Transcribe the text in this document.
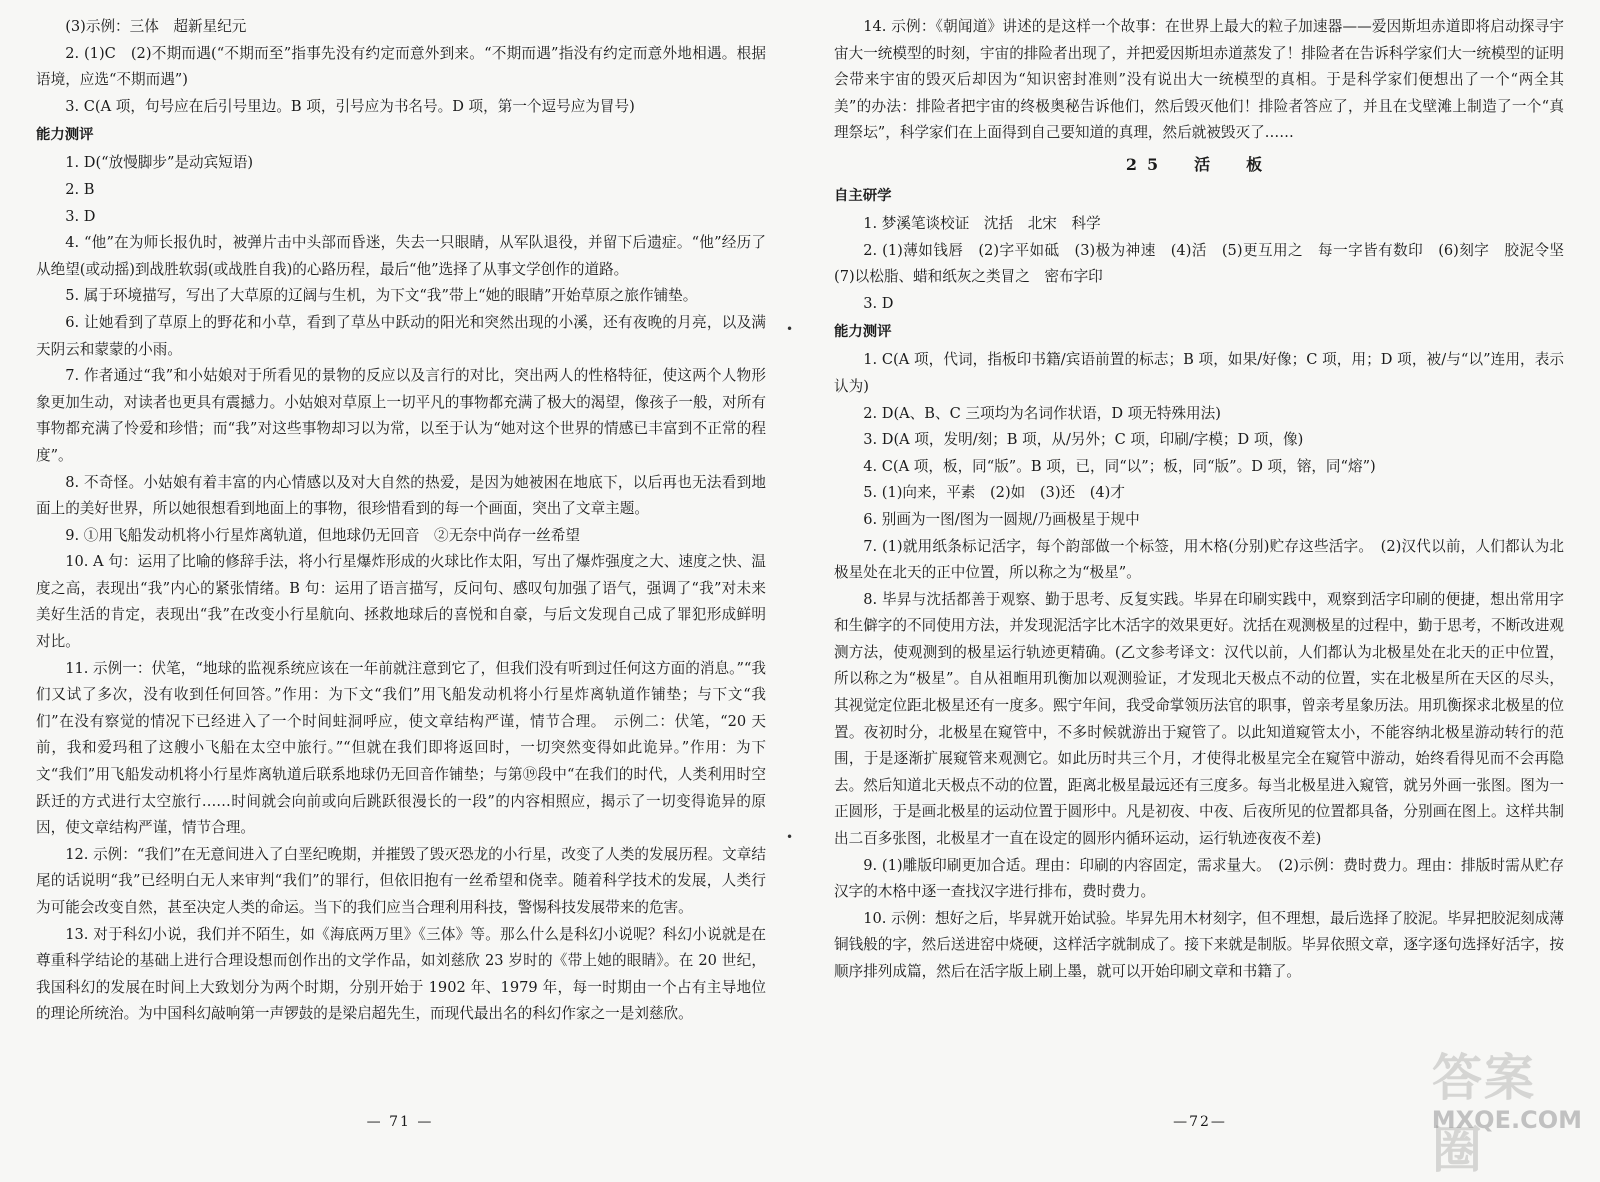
(3)示例：三体　超新星纪元

2. (1)C　(2)不期而遇(“不期而至”指事先没有约定而意外到来。“不期而遇”指没有约定而意外地相遇。根据语境，应选“不期而遇”)

3. C(A 项，句号应在后引号里边。B 项，引号应为书名号。D 项，第一个逗号应为冒号)

能力测评

1. D(“放慢脚步”是动宾短语)

2. B

3. D

4. “他”在为师长报仇时，被弹片击中头部而昏迷，失去一只眼睛，从军队退役，并留下后遗症。“他”经历了从绝望(或动摇)到战胜软弱(或战胜自我)的心路历程，最后“他”选择了从事文学创作的道路。

5. 属于环境描写，写出了大草原的辽阔与生机，为下文“我”带上“她的眼睛”开始草原之旅作铺垫。

6. 让她看到了草原上的野花和小草，看到了草丛中跃动的阳光和突然出现的小溪，还有夜晚的月亮，以及满天阴云和蒙蒙的小雨。

7. 作者通过“我”和小姑娘对于所看见的景物的反应以及言行的对比，突出两人的性格特征，使这两个人物形象更加生动，对读者也更具有震撼力。小姑娘对草原上一切平凡的事物都充满了极大的渴望，像孩子一般，对所有事物都充满了怜爱和珍惜；而“我”对这些事物却习以为常，以至于认为“她对这个世界的情感已丰富到不正常的程度”。

8. 不奇怪。小姑娘有着丰富的内心情感以及对大自然的热爱，是因为她被困在地底下，以后再也无法看到地面上的美好世界，所以她很想看到地面上的事物，很珍惜看到的每一个画面，突出了文章主题。

9. ①用飞船发动机将小行星炸离轨道，但地球仍无回音　②无奈中尚存一丝希望

10. A 句：运用了比喻的修辞手法，将小行星爆炸形成的火球比作太阳，写出了爆炸强度之大、速度之快、温度之高，表现出“我”内心的紧张情绪。B 句：运用了语言描写，反问句、感叹句加强了语气，强调了“我”对未来美好生活的肯定，表现出“我”在改变小行星航向、拯救地球后的喜悦和自豪，与后文发现自己成了罪犯形成鲜明对比。

11. 示例一：伏笔，“地球的监视系统应该在一年前就注意到它了，但我们没有听到过任何这方面的消息。”“我们又试了多次，没有收到任何回答。”作用：为下文“我们”用飞船发动机将小行星炸离轨道作铺垫；与下文“我们”在没有察觉的情况下已经进入了一个时间蛀洞呼应，使文章结构严谨，情节合理。　示例二：伏笔，“20 天前，我和爱玛租了这艘小飞船在太空中旅行。”“但就在我们即将返回时，一切突然变得如此诡异。”作用：为下文“我们”用飞船发动机将小行星炸离轨道后联系地球仍无回音作铺垫；与第⑲段中“在我们的时代，人类利用时空跃迁的方式进行太空旅行……时间就会向前或向后跳跃很漫长的一段”的内容相照应，揭示了一切变得诡异的原因，使文章结构严谨，情节合理。

12. 示例：“我们”在无意间进入了白垩纪晚期，并摧毁了毁灭恐龙的小行星，改变了人类的发展历程。文章结尾的话说明“我”已经明白无人来审判“我们”的罪行，但依旧抱有一丝希望和侥幸。随着科学技术的发展，人类行为可能会改变自然，甚至决定人类的命运。当下的我们应当合理利用科技，警惕科技发展带来的危害。

13. 对于科幻小说，我们并不陌生，如《海底两万里》《三体》等。那么什么是科幻小说呢？科幻小说就是在尊重科学结论的基础上进行合理设想而创作出的文学作品，如刘慈欣 23 岁时的《带上她的眼睛》。在 20 世纪，我国科幻的发展在时间上大致划分为两个时期，分别开始于 1902 年、1979 年，每一时期由一个占有主导地位的理论所统治。为中国科幻敲响第一声锣鼓的是梁启超先生，而现代最出名的科幻作家之一是刘慈欣。

— 71 —

14. 示例：《朝闻道》讲述的是这样一个故事：在世界上最大的粒子加速器——爱因斯坦赤道即将启动探寻宇宙大一统模型的时刻，宇宙的排险者出现了，并把爱因斯坦赤道蒸发了！排险者在告诉科学家们大一统模型的证明会带来宇宙的毁灭后却因为“知识密封准则”没有说出大一统模型的真相。于是科学家们便想出了一个“两全其美”的办法：排险者把宇宙的终极奥秘告诉他们，然后毁灭他们！排险者答应了，并且在戈壁滩上制造了一个“真理祭坛”，科学家们在上面得到自己要知道的真理，然后就被毁灭了……

25　活　板
自主研学

1. 梦溪笔谈校证　沈括　北宋　科学

2. (1)薄如钱唇　(2)字平如砥　(3)极为神速　(4)活　(5)更互用之　每一字皆有数印　(6)刻字　胶泥令坚　(7)以松脂、蜡和纸灰之类冒之　密布字印

3. D

能力测评

1. C(A 项，代词，指板印书籍/宾语前置的标志；B 项，如果/好像；C 项，用；D 项，被/与“以”连用，表示认为)

2. D(A、B、C 三项均为名词作状语，D 项无特殊用法)

3. D(A 项，发明/刻；B 项，从/另外；C 项，印刷/字模；D 项，像)

4. C(A 项，板，同“版”。B 项，已，同“以”；板，同“版”。D 项，镕，同“熔”)

5. (1)向来，平素　(2)如　(3)还　(4)才

6. 别画为一图/图为一圆规/乃画极星于规中

7. (1)就用纸条标记活字，每个韵部做一个标签，用木格(分别)贮存这些活字。　(2)汉代以前，人们都认为北极星处在北天的正中位置，所以称之为“极星”。

8. 毕昇与沈括都善于观察、勤于思考、反复实践。毕昇在印刷实践中，观察到活字印刷的便捷，想出常用字和生僻字的不同使用方法，并发现泥活字比木活字的效果更好。沈括在观测极星的过程中，勤于思考，不断改进观测方法，使观测到的极星运行轨迹更精确。(乙文参考译文：汉代以前，人们都认为北极星处在北天的正中位置，所以称之为“极星”。自从祖暅用玑衡加以观测验证，才发现北天极点不动的位置，实在北极星所在天区的尽头，其视觉定位距北极星还有一度多。熙宁年间，我受命掌领历法官的职事，曾亲考星象历法。用玑衡探求北极星的位置。夜初时分，北极星在窥管中，不多时候就游出于窥管了。以此知道窥管太小，不能容纳北极星游动转行的范围，于是逐渐扩展窥管来观测它。如此历时共三个月，才使得北极星完全在窥管中游动，始终看得见而不会再隐去。然后知道北天极点不动的位置，距离北极星最远还有三度多。每当北极星进入窥管，就另外画一张图。图为一正圆形，于是画北极星的运动位置于圆形中。凡是初夜、中夜、后夜所见的位置都具备，分别画在图上。这样共制出二百多张图，北极星才一直在设定的圆形内循环运动，运行轨迹夜夜不差)

9. (1)雕版印刷更加合适。理由：印刷的内容固定，需求量大。　(2)示例：费时费力。理由：排版时需从贮存汉字的木格中逐一查找汉字进行排布，费时费力。

10. 示例：想好之后，毕昇就开始试验。毕昇先用木材刻字，但不理想，最后选择了胶泥。毕昇把胶泥刻成薄铜钱般的字，然后送进窑中烧硬，这样活字就制成了。接下来就是制版。毕昇依照文章，逐字逐句选择好活字，按顺序排列成篇，然后在活字版上刷上墨，就可以开始印刷文章和书籍了。

—72—
答案圈
MXQE.COM
•
•
